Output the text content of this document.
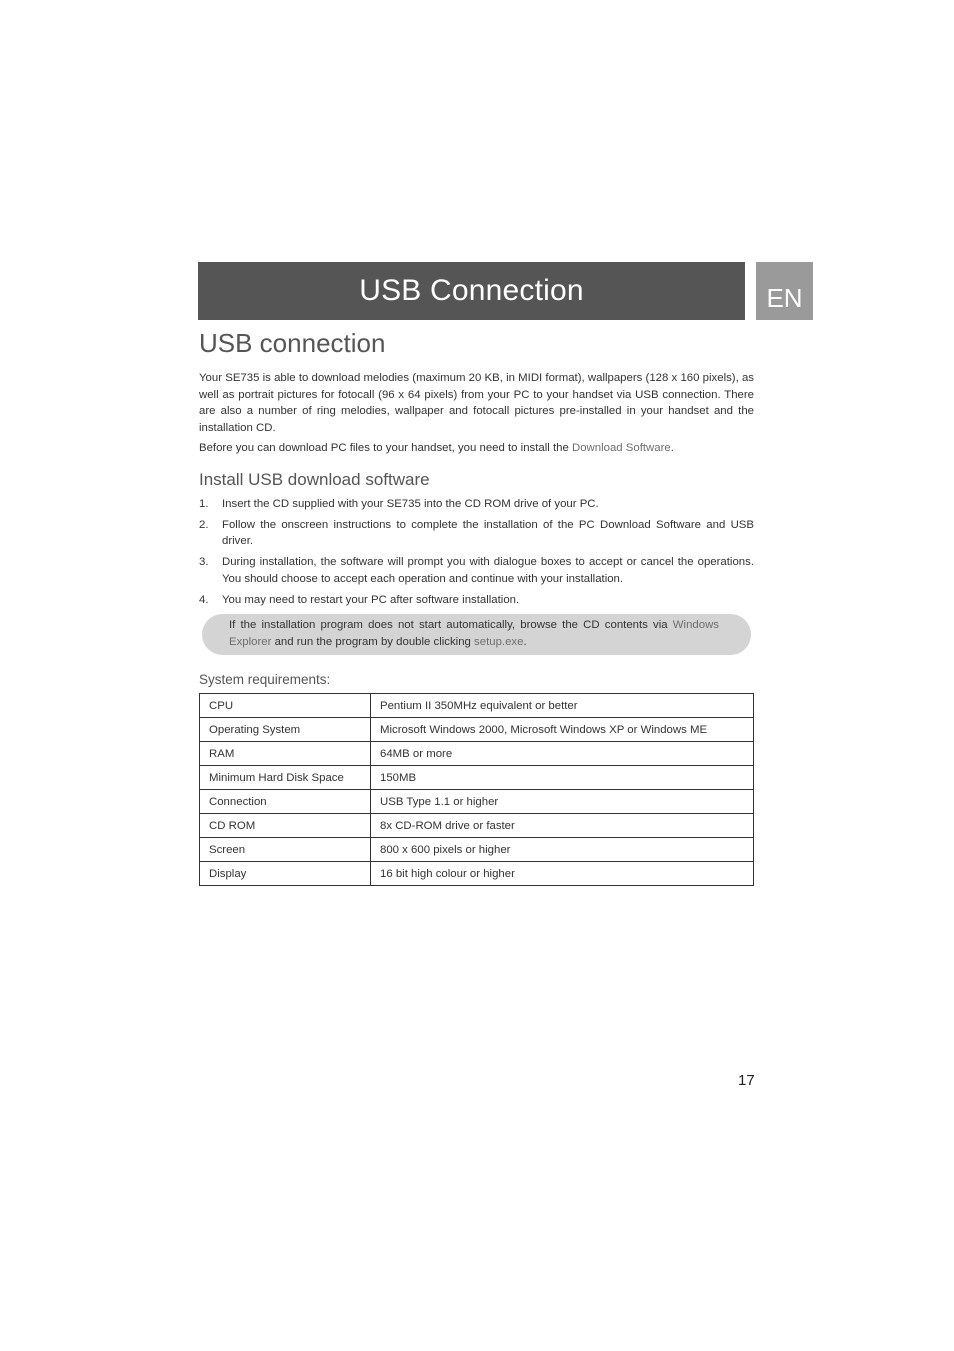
USB Connection	EN
USB connection

Your SE735 is able to download melodies (maximum 20 KB, in MIDI format), wallpapers (128 x 160 pixels), as well as portrait pictures for fotocall (96 x 64 pixels) from your PC to your handset via USB connection. There are also a number of ring melodies, wallpaper and fotocall pictures pre-installed in your handset and the installation CD.

Before you can download PC files to your handset, you need to install the Download Software.

Install USB download software
1.	Insert the CD supplied with your SE735 into the CD ROM drive of your PC.
2.	Follow the onscreen instructions to complete the installation of the PC Download Software and USB driver.
3.	During installation, the software will prompt you with dialogue boxes to accept or cancel the operations. You should choose to accept each operation and continue with your installation.
4.	You may need to restart your PC after software installation.
If the installation program does not start automatically, browse the CD contents via Windows Explorer and run the program by double clicking setup.exe.
System requirements:
CPU	Pentium II 350MHz equivalent or better
Operating System	Microsoft Windows 2000, Microsoft Windows XP or Windows ME
RAM	64MB or more
Minimum Hard Disk Space	150MB
Connection	USB Type 1.1 or higher
CD ROM	8x CD-ROM drive or faster
Screen	800 x 600 pixels or higher
Display	16 bit high colour or higher
17
